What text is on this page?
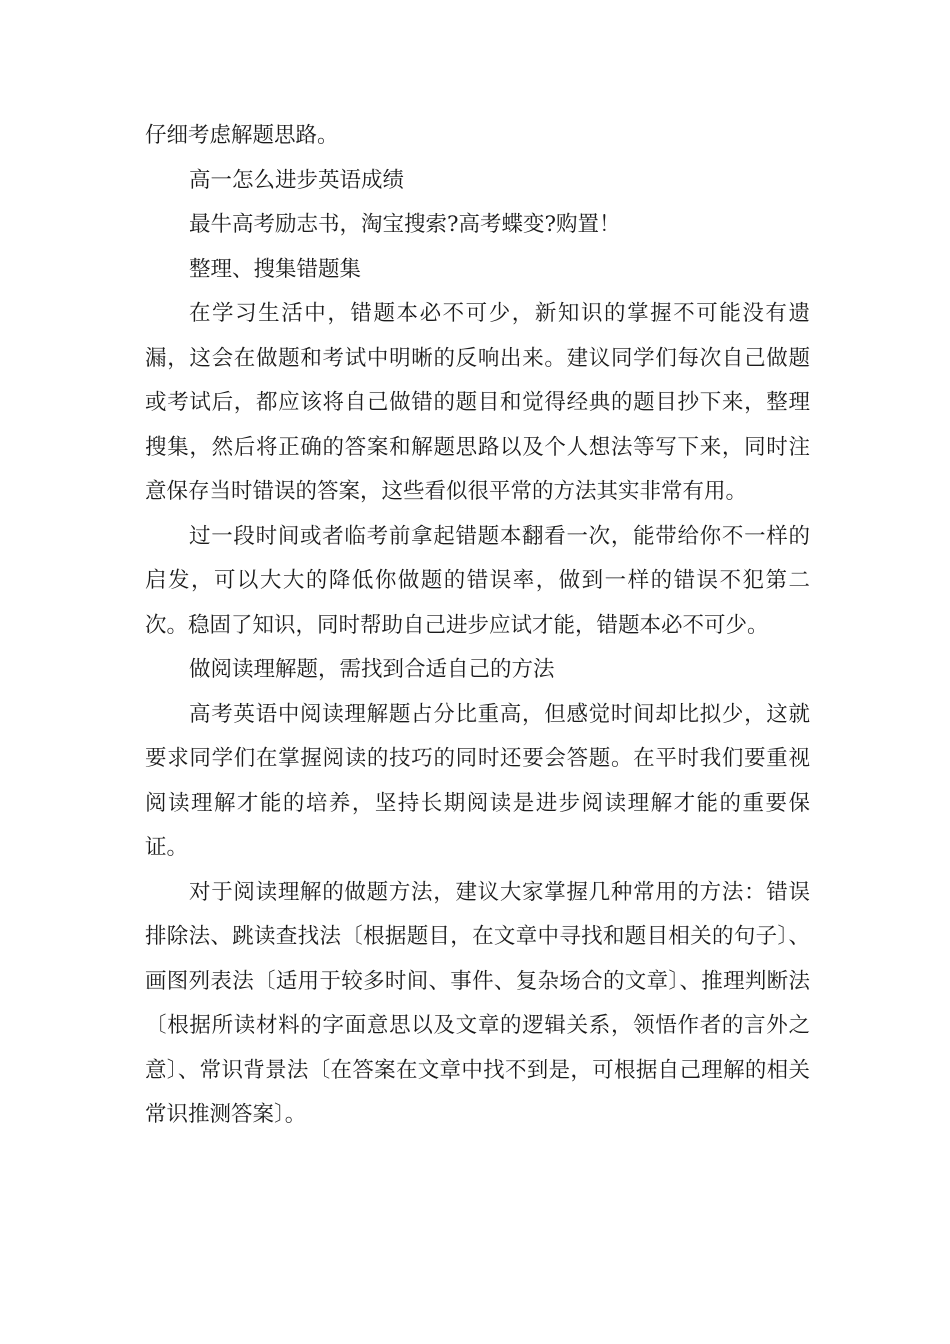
仔细考虑解题思路。

高一怎么进步英语成绩

最牛高考励志书，淘宝搜索?高考蝶变?购置！

整理、搜集错题集

在学习生活中，错题本必不可少，新知识的掌握不可能没有遗漏，这会在做题和考试中明晰的反响出来。建议同学们每次自己做题或考试后，都应该将自己做错的题目和觉得经典的题目抄下来，整理搜集，然后将正确的答案和解题思路以及个人想法等写下来，同时注意保存当时错误的答案，这些看似很平常的方法其实非常有用。

过一段时间或者临考前拿起错题本翻看一次，能带给你不一样的启发，可以大大的降低你做题的错误率，做到一样的错误不犯第二次。稳固了知识，同时帮助自己进步应试才能，错题本必不可少。

做阅读理解题，需找到合适自己的方法

高考英语中阅读理解题占分比重高，但感觉时间却比拟少，这就要求同学们在掌握阅读的技巧的同时还要会答题。在平时我们要重视阅读理解才能的培养，坚持长期阅读是进步阅读理解才能的重要保证。

对于阅读理解的做题方法，建议大家掌握几种常用的方法：错误排除法、跳读查找法〔根据题目，在文章中寻找和题目相关的句子〕、画图列表法〔适用于较多时间、事件、复杂场合的文章〕、推理判断法〔根据所读材料的字面意思以及文章的逻辑关系，领悟作者的言外之意〕、常识背景法〔在答案在文章中找不到是，可根据自己理解的相关常识推测答案〕。
